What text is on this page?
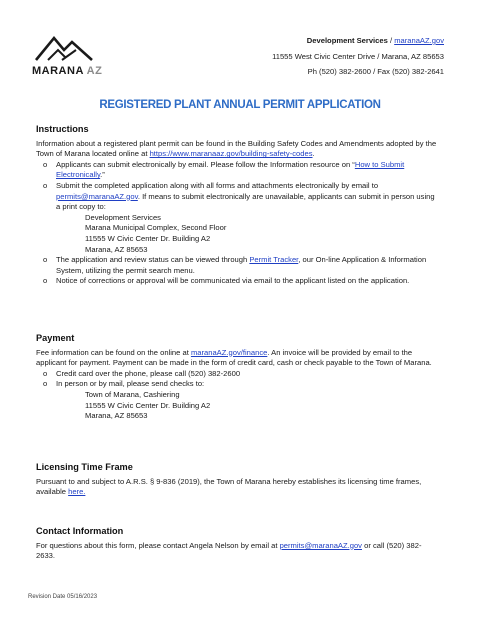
MARANA AZ
Development Services / maranaAZ.gov
11555 West Civic Center Drive / Marana, AZ 85653
Ph (520) 382-2600 / Fax (520) 382-2641
REGISTERED PLANT ANNUAL PERMIT APPLICATION
Instructions
Information about a registered plant permit can be found in the Building Safety Codes and Amendments adopted by the Town of Marana located online at https://www.maranaaz.gov/building-safety-codes.
o Applicants can submit electronically by email. Please follow the Information resource on “How to Submit Electronically.”
o Submit the completed application along with all forms and attachments electronically by email to permits@maranaAZ.gov. If means to submit electronically are unavailable, applicants can submit in person using a print copy to:
Development Services
Marana Municipal Complex, Second Floor
11555 W Civic Center Dr. Building A2
Marana, AZ 85653
o The application and review status can be viewed through Permit Tracker, our On-line Application & Information System, utilizing the permit search menu.
o Notice of corrections or approval will be communicated via email to the applicant listed on the application.
Payment
Fee information can be found on the online at maranaAZ.gov/finance. An invoice will be provided by email to the applicant for payment. Payment can be made in the form of credit card, cash or check payable to the Town of Marana.
o Credit card over the phone, please call (520) 382-2600
o In person or by mail, please send checks to:
Town of Marana, Cashiering
11555 W Civic Center Dr. Building A2
Marana, AZ 85653
Licensing Time Frame
Pursuant to and subject to A.R.S. § 9-836 (2019), the Town of Marana hereby establishes its licensing time frames, available here.
Contact Information
For questions about this form, please contact Angela Nelson by email at permits@maranaAZ.gov or call (520) 382-2633.
Revision Date 05/16/2023
